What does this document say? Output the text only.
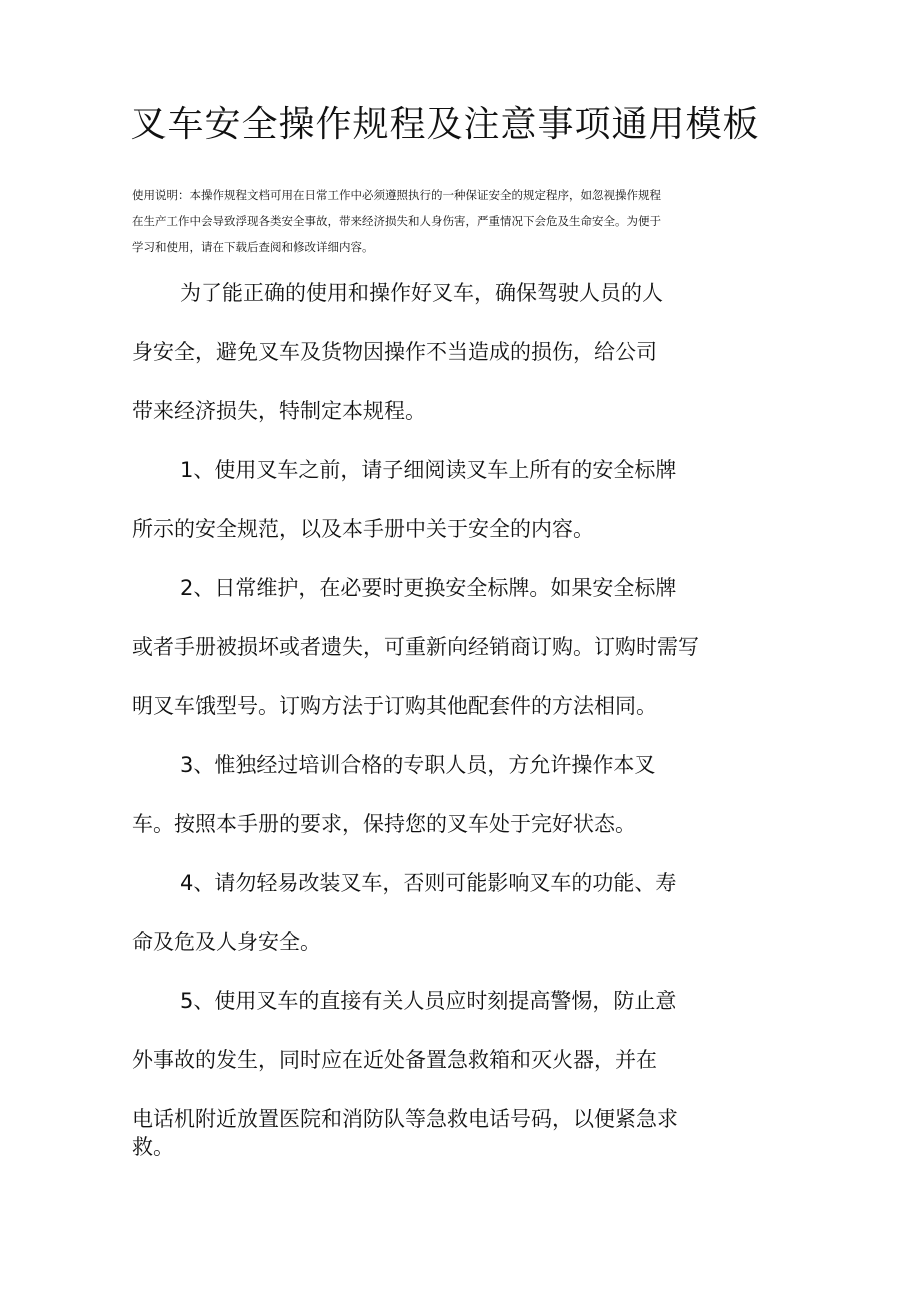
叉车安全操作规程及注意事项通用模板
使用说明：本操作规程文档可用在日常工作中必须遵照执行的一种保证安全的规定程序，如忽视操作规程
在生产工作中会导致浮现各类安全事故，带来经济损失和人身伤害，严重情况下会危及生命安全。为便于
学习和使用，请在下载后查阅和修改详细内容。

为了能正确的使用和操作好叉车，确保驾驶人员的人

身安全，避免叉车及货物因操作不当造成的损伤，给公司

带来经济损失，特制定本规程。

1、使用叉车之前，请子细阅读叉车上所有的安全标牌

所示的安全规范，以及本手册中关于安全的内容。

2、日常维护，在必要时更换安全标牌。如果安全标牌

或者手册被损坏或者遗失，可重新向经销商订购。订购时需写

明叉车饿型号。订购方法于订购其他配套件的方法相同。

3、惟独经过培训合格的专职人员，方允许操作本叉

车。按照本手册的要求，保持您的叉车处于完好状态。

4、请勿轻易改装叉车，否则可能影响叉车的功能、寿

命及危及人身安全。

5、使用叉车的直接有关人员应时刻提高警惕，防止意

外事故的发生，同时应在近处备置急救箱和灭火器，并在

电话机附近放置医院和消防队等急救电话号码，以便紧急求

救。
